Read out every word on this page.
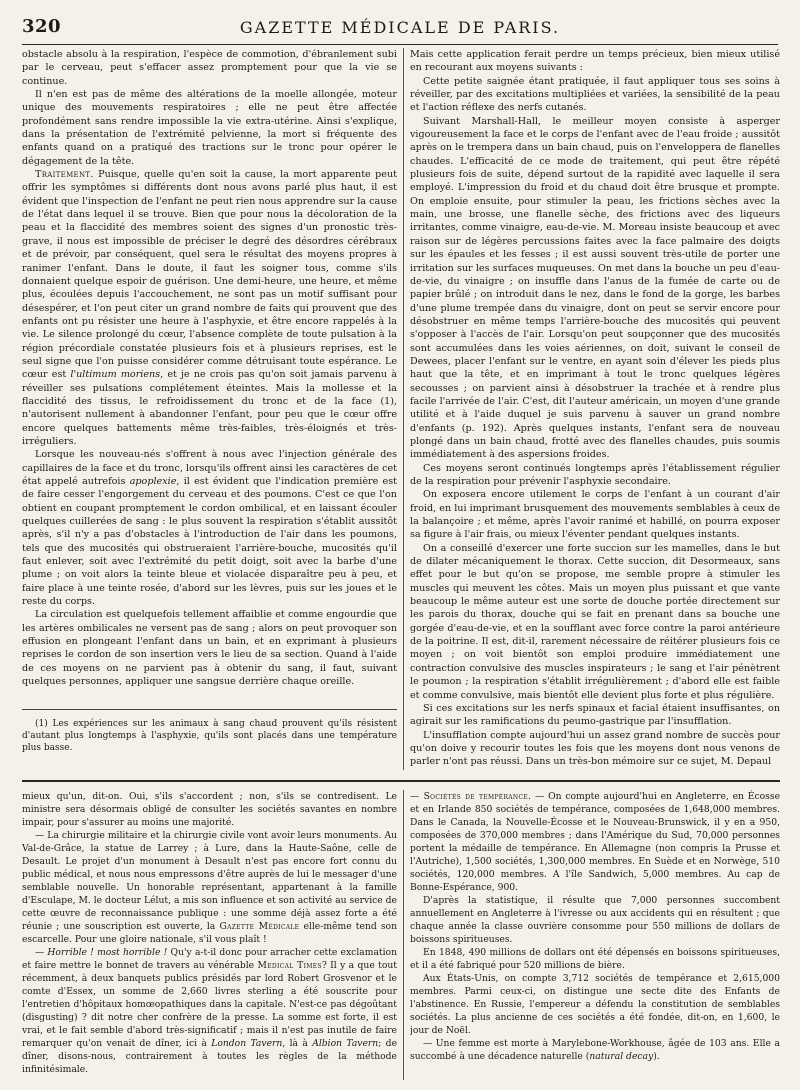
320	GAZETTE MÉDICALE DE PARIS.

obstacle absolu à la respiration, l'espèce de commotion, d'ébranlement subi par le cerveau, peut s'effacer assez promptement pour que la vie se continue.

Il n'en est pas de même des altérations de la moelle allongée, moteur unique des mouvements respiratoires ; elle ne peut être affectée profondément sans rendre impossible la vie extra-utérine. Ainsi s'explique, dans la présentation de l'extrémité pelvienne, la mort si fréquente des enfants quand on a pratiqué des tractions sur le tronc pour opérer le dégagement de la tête.

Traitement. Puisque, quelle qu'en soit la cause, la mort apparente peut offrir les symptômes si différents dont nous avons parlé plus haut, il est évident que l'inspection de l'enfant ne peut rien nous apprendre sur la cause de l'état dans lequel il se trouve. Bien que pour nous la décoloration de la peau et la flaccidité des membres soient des signes d'un pronostic très-grave, il nous est impossible de préciser le degré des désordres cérébraux et de prévoir, par conséquent, quel sera le résultat des moyens propres à ranimer l'enfant. Dans le doute, il faut les soigner tous, comme s'ils donnaient quelque espoir de guérison. Une demi-heure, une heure, et même plus, écoulées depuis l'accouchement, ne sont pas un motif suffisant pour désespérer, et l'on peut citer un grand nombre de faits qui prouvent que des enfants ont pu résister une heure à l'asphyxie, et être encore rappelés à la vie. Le silence prolongé du cœur, l'absence complète de toute pulsation à la région précordiale constatée plusieurs fois et à plusieurs reprises, est le seul signe que l'on puisse considérer comme détruisant toute espérance. Le cœur est l'ultimum moriens, et je ne crois pas qu'on soit jamais parvenu à réveiller ses pulsations complétement éteintes. Mais la mollesse et la flaccidité des tissus, le refroidissement du tronc et de la face (1), n'autorisent nullement à abandonner l'enfant, pour peu que le cœur offre encore quelques battements même très-faibles, très-éloignés et très-irréguliers.

Lorsque les nouveau-nés s'offrent à nous avec l'injection générale des capillaires de la face et du tronc, lorsqu'ils offrent ainsi les caractères de cet état appelé autrefois apoplexie, il est évident que l'indication première est de faire cesser l'engorgement du cerveau et des poumons. C'est ce que l'on obtient en coupant promptement le cordon ombilical, et en laissant écouler quelques cuillerées de sang : le plus souvent la respiration s'établit aussitôt après, s'il n'y a pas d'obstacles à l'introduction de l'air dans les poumons, tels que des mucosités qui obstrueraient l'arrière-bouche, mucosités qu'il faut enlever, soit avec l'extrémité du petit doigt, soit avec la barbe d'une plume ; on voit alors la teinte bleue et violacée disparaître peu à peu, et faire place à une teinte rosée, d'abord sur les lèvres, puis sur les joues et le reste du corps.

La circulation est quelquefois tellement affaiblie et comme engourdie que les artères ombilicales ne versent pas de sang ; alors on peut provoquer son effusion en plongeant l'enfant dans un bain, et en exprimant à plusieurs reprises le cordon de son insertion vers le lieu de sa section. Quand à l'aide de ces moyens on ne parvient pas à obtenir du sang, il faut, suivant quelques personnes, appliquer une sangsue derrière chaque oreille.

(1) Les expériences sur les animaux à sang chaud prouvent qu'ils résistent d'autant plus longtemps à l'asphyxie, qu'ils sont placés dans une température plus basse.

Mais cette application ferait perdre un temps précieux, bien mieux utilisé en recourant aux moyens suivants :

Cette petite saignée étant pratiquée, il faut appliquer tous ses soins à réveiller, par des excitations multipliées et variées, la sensibilité de la peau et l'action réflexe des nerfs cutanés.

Suivant Marshall-Hall, le meilleur moyen consiste à asperger vigoureusement la face et le corps de l'enfant avec de l'eau froide ; aussitôt après on le trempera dans un bain chaud, puis on l'enveloppera de flanelles chaudes. L'efficacité de ce mode de traitement, qui peut être répété plusieurs fois de suite, dépend surtout de la rapidité avec laquelle il sera employé. L'impression du froid et du chaud doit être brusque et prompte. On emploie ensuite, pour stimuler la peau, les frictions sèches avec la main, une brosse, une flanelle sèche, des frictions avec des liqueurs irritantes, comme vinaigre, eau-de-vie. M. Moreau insiste beaucoup et avec raison sur de légères percussions faites avec la face palmaire des doigts sur les épaules et les fesses ; il est aussi souvent très-utile de porter une irritation sur les surfaces muqueuses. On met dans la bouche un peu d'eau-de-vie, du vinaigre ; on insuffle dans l'anus de la fumée de carte ou de papier brûlé ; on introduit dans le nez, dans le fond de la gorge, les barbes d'une plume trempée dans du vinaigre, dont on peut se servir encore pour désobstruer en même temps l'arrière-bouche des mucosités qui peuvent s'opposer à l'accès de l'air. Lorsqu'on peut soupçonner que des mucosités sont accumulées dans les voies aériennes, on doit, suivant le conseil de Dewees, placer l'enfant sur le ventre, en ayant soin d'élever les pieds plus haut que la tête, et en imprimant à tout le tronc quelques légères secousses ; on parvient ainsi à désobstruer la trachée et à rendre plus facile l'arrivée de l'air. C'est, dit l'auteur américain, un moyen d'une grande utilité et à l'aide duquel je suis parvenu à sauver un grand nombre d'enfants (p. 192). Après quelques instants, l'enfant sera de nouveau plongé dans un bain chaud, frotté avec des flanelles chaudes, puis soumis immédiatement à des aspersions froides.

Ces moyens seront continués longtemps après l'établissement régulier de la respiration pour prévenir l'asphyxie secondaire.

On exposera encore utilement le corps de l'enfant à un courant d'air froid, en lui imprimant brusquement des mouvements semblables à ceux de la balançoire ; et même, après l'avoir ranimé et habillé, on pourra exposer sa figure à l'air frais, ou mieux l'éventer pendant quelques instants.

On a conseillé d'exercer une forte succion sur les mamelles, dans le but de dilater mécaniquement le thorax. Cette succion, dit Desormeaux, sans effet pour le but qu'on se propose, me semble propre à stimuler les muscles qui meuvent les côtes. Mais un moyen plus puissant et que vante beaucoup le même auteur est une sorte de douche portée directement sur les parois du thorax, douche qui se fait en prenant dans sa bouche une gorgée d'eau-de-vie, et en la soufflant avec force contre la paroi antérieure de la poitrine. Il est, dit-il, rarement nécessaire de réitérer plusieurs fois ce moyen ; on voit bientôt son emploi produire immédiatement une contraction convulsive des muscles inspirateurs ; le sang et l'air pénètrent le poumon ; la respiration s'établit irrégulièrement ; d'abord elle est faible et comme convulsive, mais bientôt elle devient plus forte et plus régulière.

Si ces excitations sur les nerfs spinaux et facial étaient insuffisantes, on agirait sur les ramifications du peumo-gastrique par l'insufflation.

L'insufflation compte aujourd'hui un assez grand nombre de succès pour qu'on doive y recourir toutes les fois que les moyens dont nous venons de parler n'ont pas réussi. Dans un très-bon mémoire sur ce sujet, M. Depaul

mieux qu'un, dit-on. Oui, s'ils s'accordent ; non, s'ils se contredisent. Le ministre sera désormais obligé de consulter les sociétés savantes en nombre impair, pour s'assurer au moins une majorité.

— La chirurgie militaire et la chirurgie civile vont avoir leurs monuments. Au Val-de-Grâce, la statue de Larrey ; à Lure, dans la Haute-Saône, celle de Desault. Le projet d'un monument à Desault n'est pas encore fort connu du public médical, et nous nous empressons d'être auprès de lui le messager d'une semblable nouvelle. Un honorable représentant, appartenant à la famille d'Esculape, M. le docteur Lélut, a mis son influence et son activité au service de cette œuvre de reconnaissance publique : une somme déjà assez forte a été réunie ; une souscription est ouverte, la Gazette Médicale elle-même tend son escarcelle. Pour une gloire nationale, s'il vous plaît !

— Horrible ! most horrible ! Qu'y a-t-il donc pour arracher cette exclamation et faire mettre le bonnet de travers au vénérable Medical Times? Il y a que tout récemment, à deux banquets publics présidés par lord Robert Grosvenor et le comte d'Essex, un somme de 2,660 livres sterling a été souscrite pour l'entretien d'hôpitaux homœopathiques dans la capitale. N'est-ce pas dégoûtant (disgusting) ? dit notre cher confrère de la presse. La somme est forte, il est vrai, et le fait semble d'abord très-significatif ; mais il n'est pas inutile de faire remarquer qu'on venait de dîner, ici à London Tavern, là à Albion Tavern; de dîner, disons-nous, contrairement à toutes les règles de la méthode infinitésimale.

— Sociétés de tempérance. — On compte aujourd'hui en Angleterre, en Écosse et en Irlande 850 sociétés de tempérance, composées de 1,648,000 membres. Dans le Canada, la Nouvelle-Écosse et le Nouveau-Brunswick, il y en a 950, composées de 370,000 membres ; dans l'Amérique du Sud, 70,000 personnes portent la médaille de tempérance. En Allemagne (non compris la Prusse et l'Autriche), 1,500 sociétés, 1,300,000 membres. En Suède et en Norwège, 510 sociétés, 120,000 membres. A l'île Sandwich, 5,000 membres. Au cap de Bonne-Espérance, 900.

D'après la statistique, il résulte que 7,000 personnes succombent annuellement en Angleterre à l'ivresse ou aux accidents qui en résultent ; que chaque année la classe ouvrière consomme pour 550 millions de dollars de boissons spiritueuses.

En 1848, 490 millions de dollars ont été dépensés en boissons spiritueuses, et il a été fabriqué pour 520 millions de bière.

Aux États-Unis, on compte 3,712 sociétés de tempérance et 2,615,000 membres. Parmi ceux-ci, on distingue une secte dite des Enfants de l'abstinence. En Russie, l'empereur a défendu la constitution de semblables sociétés. La plus ancienne de ces sociétés a été fondée, dit-on, en 1,600, le jour de Noël.

— Une femme est morte à Marylebone-Workhouse, âgée de 103 ans. Elle a succombé à une décadence naturelle (natural decay).
